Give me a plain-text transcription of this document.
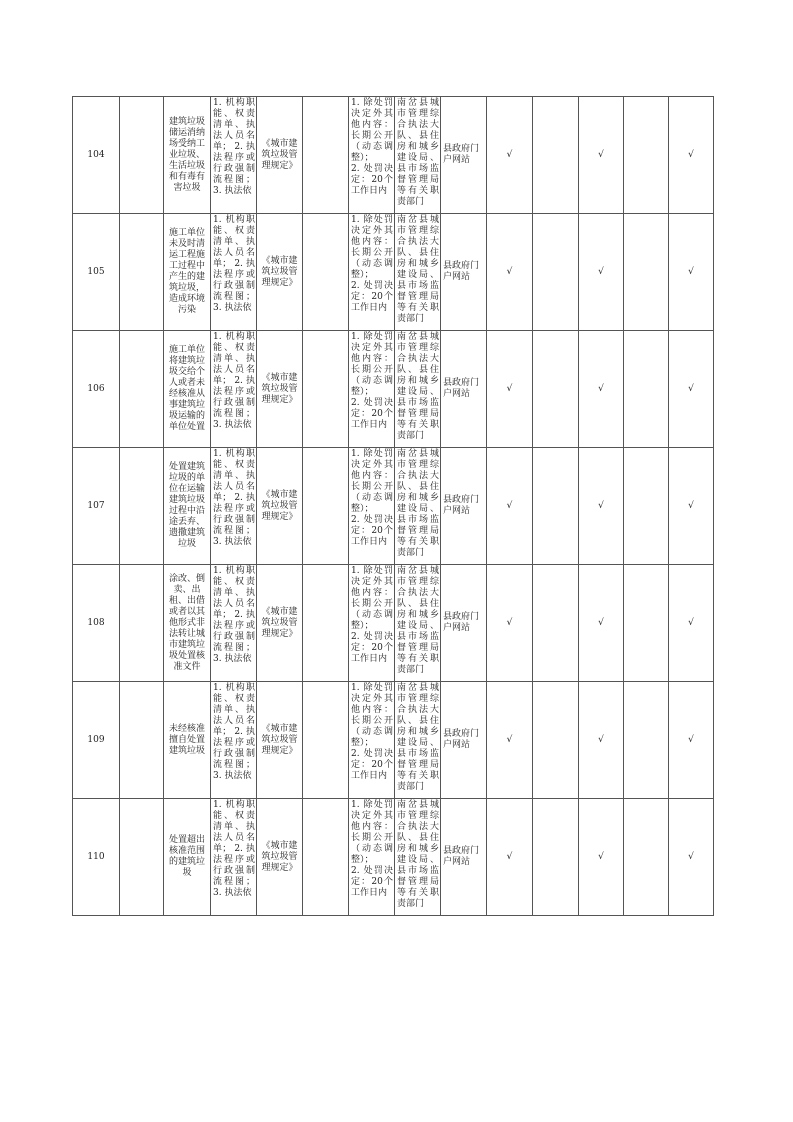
104		建筑垃圾储运消纳场受纳工业垃圾、生活垃圾和有毒有害垃圾	1. 机构职能、权责清单、执法人员名单； 2. 执法程序或行政强制流程图； 3. 执法依	《城市建筑垃圾管理规定》		1. 除处罚决定外其他内容：长期公开（动态调整）；
2. 处罚决定：20个工作日内	南岔县城市管理综合执法大队、县住房和城乡建设局、县市场监督管理局等有关职责部门	县政府门户网站	√		√		√
105		施工单位未及时清运工程施工过程中产生的建筑垃圾，造成环境污染	1. 机构职能、权责清单、执法人员名单； 2. 执法程序或行政强制流程图； 3. 执法依	《城市建筑垃圾管理规定》		1. 除处罚决定外其他内容：长期公开（动态调整）；
2. 处罚决定：20个工作日内	南岔县城市管理综合执法大队、县住房和城乡建设局、县市场监督管理局等有关职责部门	县政府门户网站	√		√		√
106		施工单位将建筑垃圾交给个人或者未经核准从事建筑垃圾运输的单位处置	1. 机构职能、权责清单、执法人员名单； 2. 执法程序或行政强制流程图； 3. 执法依	《城市建筑垃圾管理规定》		1. 除处罚决定外其他内容：长期公开（动态调整）；
2. 处罚决定：20个工作日内	南岔县城市管理综合执法大队、县住房和城乡建设局、县市场监督管理局等有关职责部门	县政府门户网站	√		√		√
107		处置建筑垃圾的单位在运输建筑垃圾过程中沿途丢弃、遗撒建筑垃圾	1. 机构职能、权责清单、执法人员名单； 2. 执法程序或行政强制流程图； 3. 执法依	《城市建筑垃圾管理规定》		1. 除处罚决定外其他内容：长期公开（动态调整）；
2. 处罚决定：20个工作日内	南岔县城市管理综合执法大队、县住房和城乡建设局、县市场监督管理局等有关职责部门	县政府门户网站	√		√		√
108		涂改、倒卖、出租、出借或者以其他形式非法转让城市建筑垃圾处置核准文件	1. 机构职能、权责清单、执法人员名单； 2. 执法程序或行政强制流程图； 3. 执法依	《城市建筑垃圾管理规定》		1. 除处罚决定外其他内容：长期公开（动态调整）；
2. 处罚决定：20个工作日内	南岔县城市管理综合执法大队、县住房和城乡建设局、县市场监督管理局等有关职责部门	县政府门户网站	√		√		√
109		未经核准擅自处置建筑垃圾	1. 机构职能、权责清单、执法人员名单； 2. 执法程序或行政强制流程图； 3. 执法依	《城市建筑垃圾管理规定》		1. 除处罚决定外其他内容：长期公开（动态调整）；
2. 处罚决定：20个工作日内	南岔县城市管理综合执法大队、县住房和城乡建设局、县市场监督管理局等有关职责部门	县政府门户网站	√		√		√
110		处置超出核准范围的建筑垃圾	1. 机构职能、权责清单、执法人员名单； 2. 执法程序或行政强制流程图； 3. 执法依	《城市建筑垃圾管理规定》		1. 除处罚决定外其他内容：长期公开（动态调整）；
2. 处罚决定：20个工作日内	南岔县城市管理综合执法大队、县住房和城乡建设局、县市场监督管理局等有关职责部门	县政府门户网站	√		√		√
